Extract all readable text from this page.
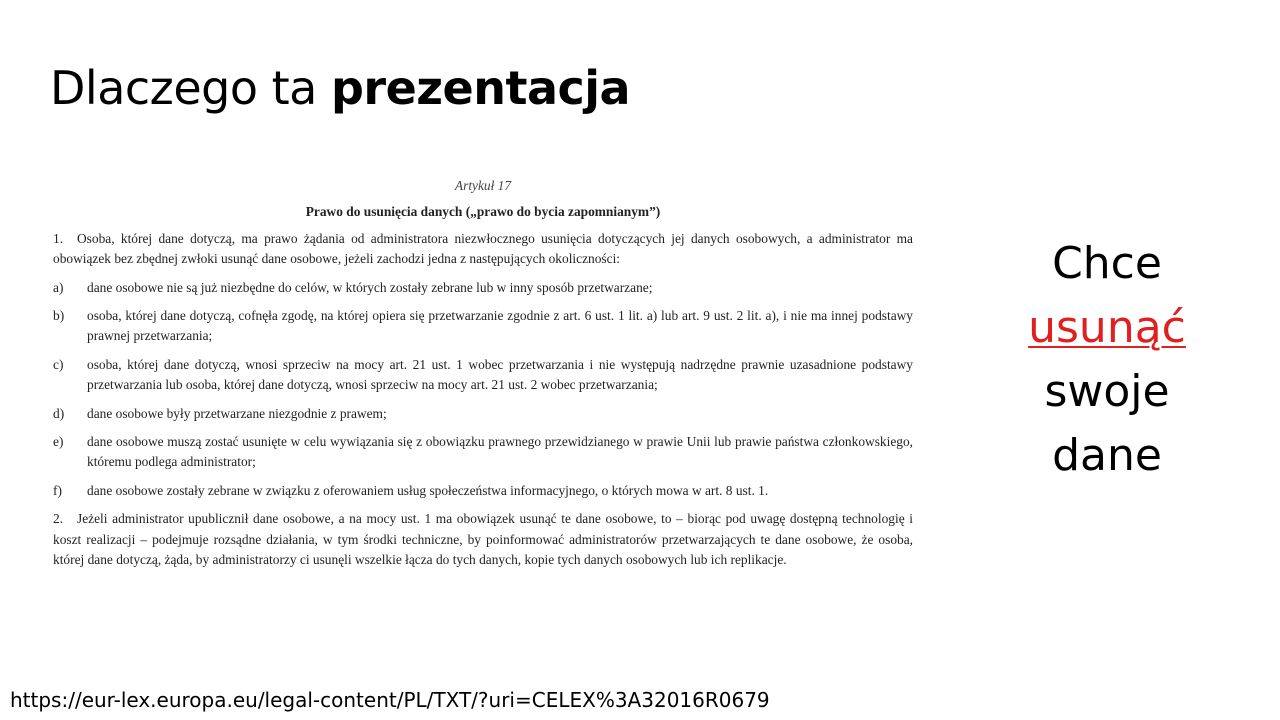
Dlaczego ta prezentacja
Artykuł 17
Prawo do usunięcia danych („prawo do bycia zapomnianym”)
1. Osoba, której dane dotyczą, ma prawo żądania od administratora niezwłocznego usunięcia dotyczących jej danych osobowych, a administrator ma obowiązek bez zbędnej zwłoki usunąć dane osobowe, jeżeli zachodzi jedna z następujących okoliczności:
a)	dane osobowe nie są już niezbędne do celów, w których zostały zebrane lub w inny sposób przetwarzane;
b)	osoba, której dane dotyczą, cofnęła zgodę, na której opiera się przetwarzanie zgodnie z art. 6 ust. 1 lit. a) lub art. 9 ust. 2 lit. a), i nie ma innej podstawy prawnej przetwarzania;
c)	osoba, której dane dotyczą, wnosi sprzeciw na mocy art. 21 ust. 1 wobec przetwarzania i nie występują nadrzędne prawnie uzasadnione podstawy przetwarzania lub osoba, której dane dotyczą, wnosi sprzeciw na mocy art. 21 ust. 2 wobec przetwarzania;
d)	dane osobowe były przetwarzane niezgodnie z prawem;
e)	dane osobowe muszą zostać usunięte w celu wywiązania się z obowiązku prawnego przewidzianego w prawie Unii lub prawie państwa członkowskiego, któremu podlega administrator;
f)	dane osobowe zostały zebrane w związku z oferowaniem usług społeczeństwa informacyjnego, o których mowa w art. 8 ust. 1.
2. Jeżeli administrator upublicznił dane osobowe, a na mocy ust. 1 ma obowiązek usunąć te dane osobowe, to – biorąc pod uwagę dostępną technologię i koszt realizacji – podejmuje rozsądne działania, w tym środki techniczne, by poinformować administratorów przetwarzających te dane osobowe, że osoba, której dane dotyczą, żąda, by administratorzy ci usunęli wszelkie łącza do tych danych, kopie tych danych osobowych lub ich replikacje.
Chce
usunąć
swoje
dane
https://eur-lex.europa.eu/legal-content/PL/TXT/?uri=CELEX%3A32016R0679
